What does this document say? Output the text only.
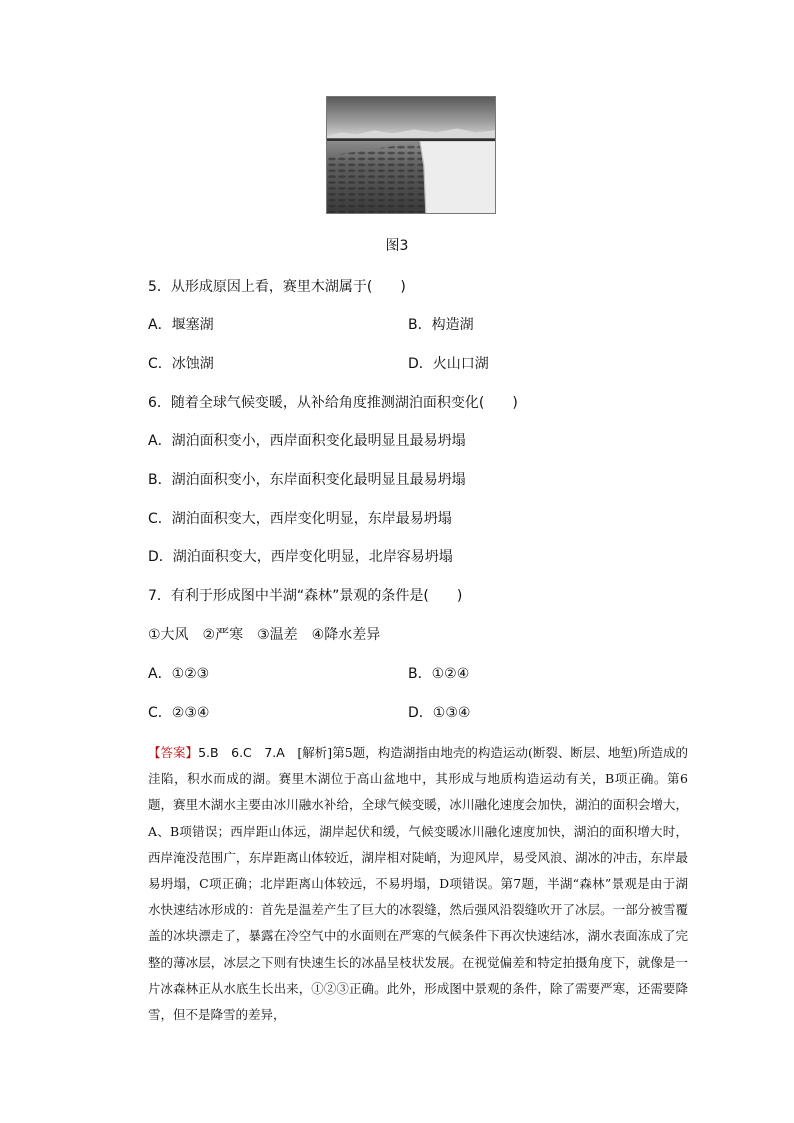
图3
5．从形成原因上看，赛里木湖属于(　　)
A．堰塞湖	B．构造湖
C．冰蚀湖	D．火山口湖
6．随着全球气候变暖，从补给角度推测湖泊面积变化(　　)
A．湖泊面积变小，西岸面积变化最明显且最易坍塌
B．湖泊面积变小，东岸面积变化最明显且最易坍塌
C．湖泊面积变大，西岸变化明显，东岸最易坍塌
D．湖泊面积变大，西岸变化明显，北岸容易坍塌
7．有利于形成图中半湖“森林”景观的条件是(　　)
①大风　②严寒　③温差　④降水差异
A．①②③	B．①②④
C．②③④	D．①③④
【答案】5.B　6.C　7.A　[解析]第5题，构造湖指由地壳的构造运动(断裂、断层、地堑)所造成的洼陷，积水而成的湖。赛里木湖位于高山盆地中，其形成与地质构造运动有关，B项正确。第6题，赛里木湖水主要由冰川融水补给，全球气候变暖，冰川融化速度会加快，湖泊的面积会增大，A、B项错误；西岸距山体远，湖岸起伏和缓，气候变暖冰川融化速度加快，湖泊的面积增大时，西岸淹没范围广，东岸距离山体较近，湖岸相对陡峭，为迎风岸，易受风浪、湖冰的冲击，东岸最易坍塌，C项正确；北岸距离山体较远，不易坍塌，D项错误。第7题，半湖“森林”景观是由于湖水快速结冰形成的：首先是温差产生了巨大的冰裂缝，然后强风沿裂缝吹开了冰层。一部分被雪覆盖的冰块漂走了，暴露在冷空气中的水面则在严寒的气候条件下再次快速结冰，湖水表面冻成了完整的薄冰层，冰层之下则有快速生长的冰晶呈枝状发展。在视觉偏差和特定拍摄角度下，就像是一片冰森林正从水底生长出来，①②③正确。此外，形成图中景观的条件，除了需要严寒，还需要降雪，但不是降雪的差异，
